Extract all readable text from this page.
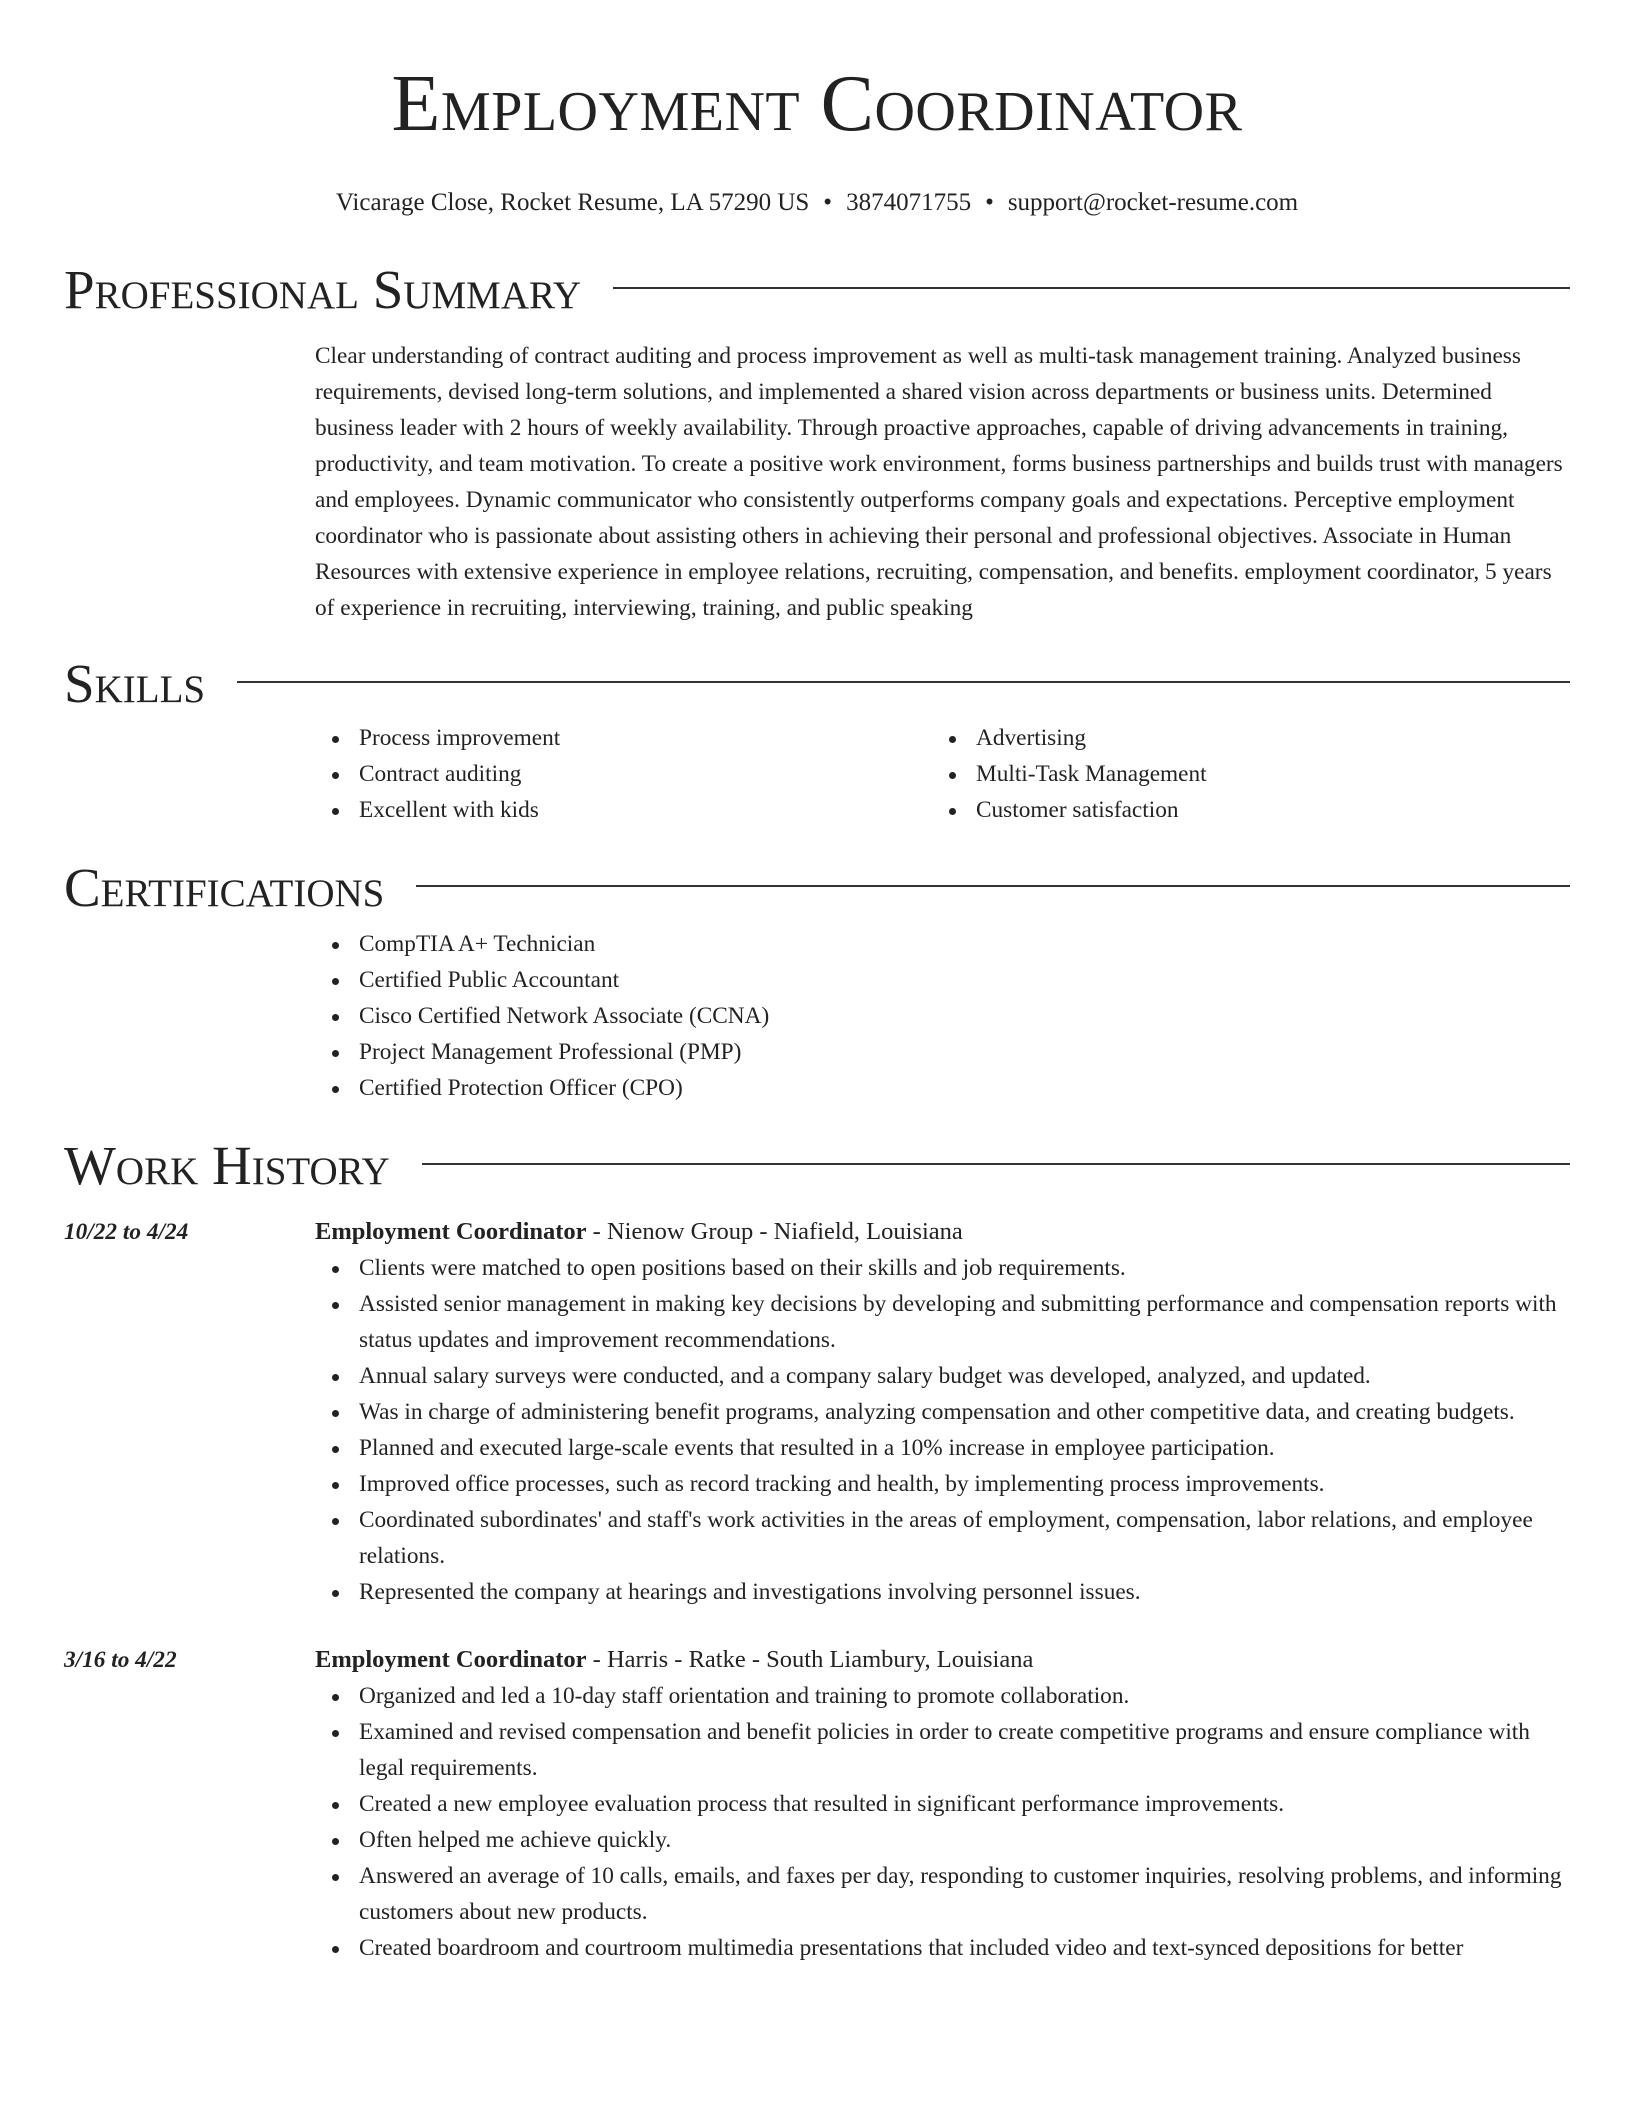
Employment Coordinator
Vicarage Close, Rocket Resume, LA 57290 US • 3874071755 • support@rocket-resume.com
Professional Summary
Clear understanding of contract auditing and process improvement as well as multi-task management training. Analyzed business requirements, devised long-term solutions, and implemented a shared vision across departments or business units. Determined business leader with 2 hours of weekly availability. Through proactive approaches, capable of driving advancements in training, productivity, and team motivation. To create a positive work environment, forms business partnerships and builds trust with managers and employees. Dynamic communicator who consistently outperforms company goals and expectations. Perceptive employment coordinator who is passionate about assisting others in achieving their personal and professional objectives. Associate in Human Resources with extensive experience in employee relations, recruiting, compensation, and benefits. employment coordinator, 5 years of experience in recruiting, interviewing, training, and public speaking
Skills
Process improvement
Contract auditing
Excellent with kids
Advertising
Multi-Task Management
Customer satisfaction
Certifications
CompTIA A+ Technician
Certified Public Accountant
Cisco Certified Network Associate (CCNA)
Project Management Professional (PMP)
Certified Protection Officer (CPO)
Work History
10/22 to 4/24	Employment Coordinator - Nienow Group - Niafield, Louisiana
Clients were matched to open positions based on their skills and job requirements.
Assisted senior management in making key decisions by developing and submitting performance and compensation reports with status updates and improvement recommendations.
Annual salary surveys were conducted, and a company salary budget was developed, analyzed, and updated.
Was in charge of administering benefit programs, analyzing compensation and other competitive data, and creating budgets.
Planned and executed large-scale events that resulted in a 10% increase in employee participation.
Improved office processes, such as record tracking and health, by implementing process improvements.
Coordinated subordinates' and staff's work activities in the areas of employment, compensation, labor relations, and employee relations.
Represented the company at hearings and investigations involving personnel issues.
3/16 to 4/22	Employment Coordinator - Harris - Ratke - South Liambury, Louisiana
Organized and led a 10-day staff orientation and training to promote collaboration.
Examined and revised compensation and benefit policies in order to create competitive programs and ensure compliance with legal requirements.
Created a new employee evaluation process that resulted in significant performance improvements.
Often helped me achieve quickly.
Answered an average of 10 calls, emails, and faxes per day, responding to customer inquiries, resolving problems, and informing customers about new products.
Created boardroom and courtroom multimedia presentations that included video and text-synced depositions for better
